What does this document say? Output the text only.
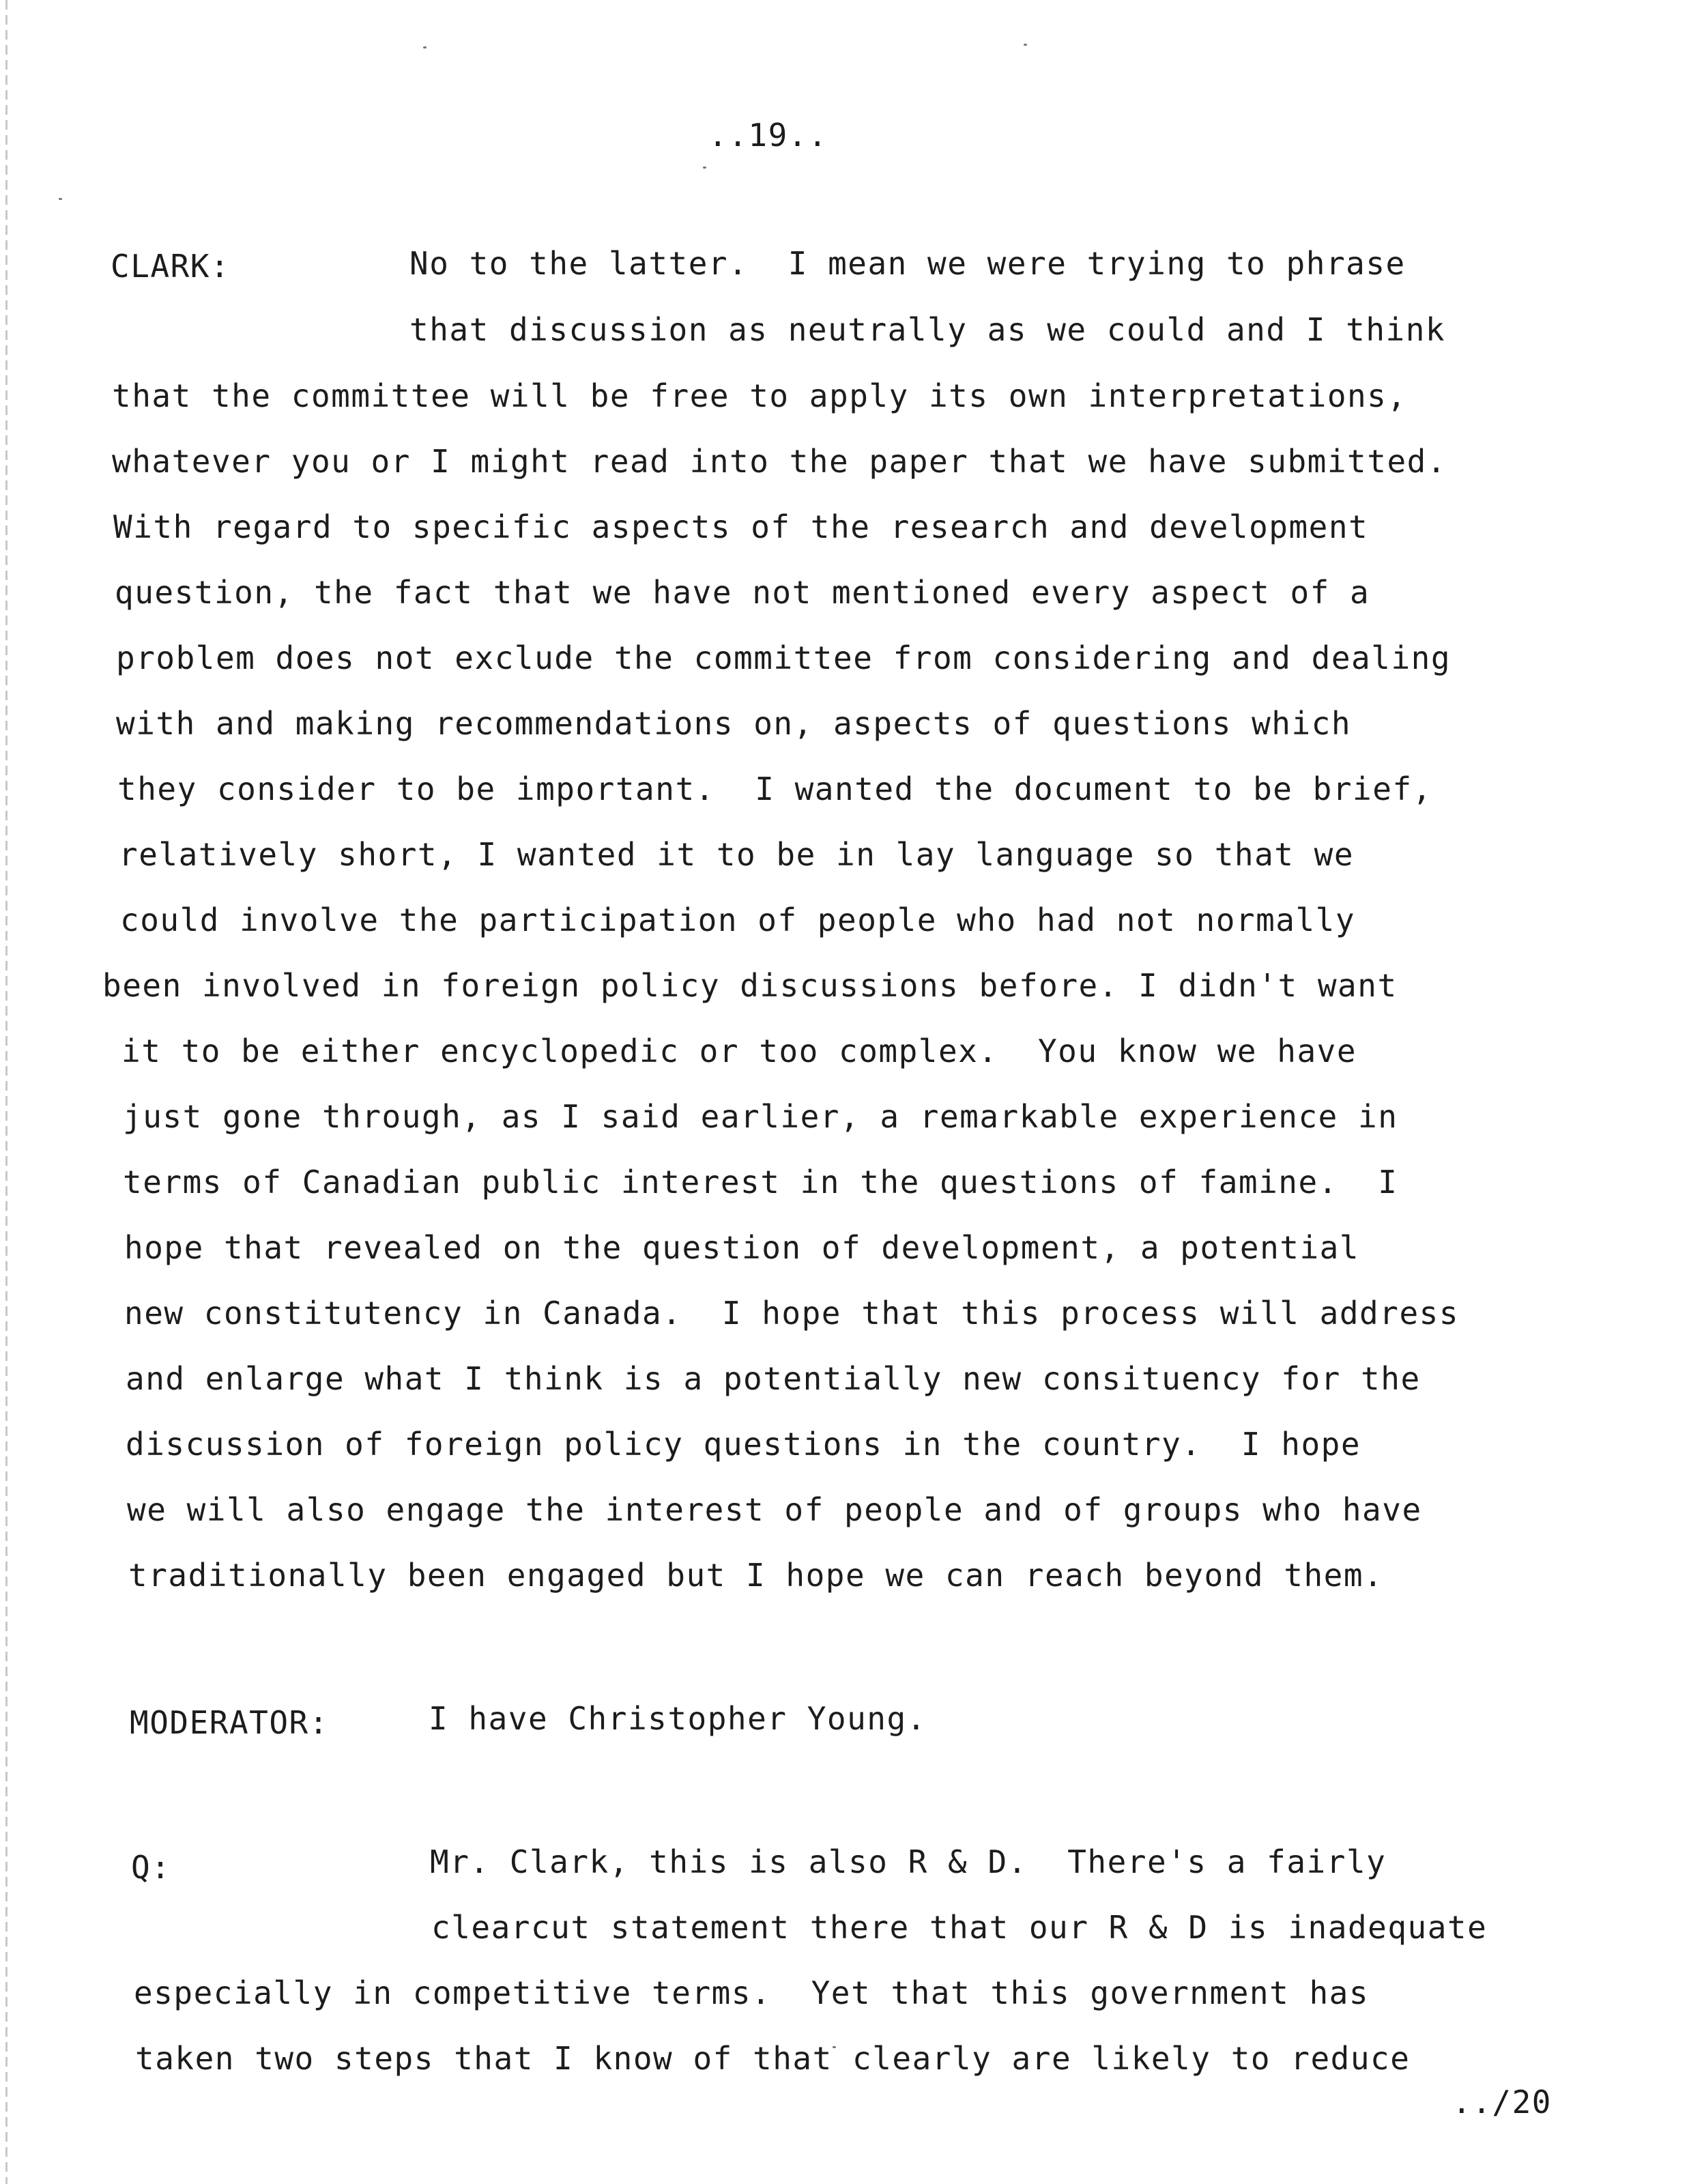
..19..
CLARK:	No to the latter.  I mean we were trying to phrase
that discussion as neutrally as we could and I think
that the committee will be free to apply its own interpretations,
whatever you or I might read into the paper that we have submitted.
With regard to specific aspects of the research and development
question, the fact that we have not mentioned every aspect of a
problem does not exclude the committee from considering and dealing
with and making recommendations on, aspects of questions which
they consider to be important.  I wanted the document to be brief,
relatively short, I wanted it to be in lay language so that we
could involve the participation of people who had not normally
been involved in foreign policy discussions before. I didn't want
it to be either encyclopedic or too complex.  You know we have
just gone through, as I said earlier, a remarkable experience in
terms of Canadian public interest in the questions of famine.  I
hope that revealed on the question of development, a potential
new constitutency in Canada.  I hope that this process will address
and enlarge what I think is a potentially new consituency for the
discussion of foreign policy questions in the country.  I hope
we will also engage the interest of people and of groups who have
traditionally been engaged but I hope we can reach beyond them.
MODERATOR:	I have Christopher Young.
Q:	Mr. Clark, this is also R & D.  There's a fairly
clearcut statement there that our R & D is inadequate
especially in competitive terms.  Yet that this government has
taken two steps that I know of that clearly are likely to reduce
../20
